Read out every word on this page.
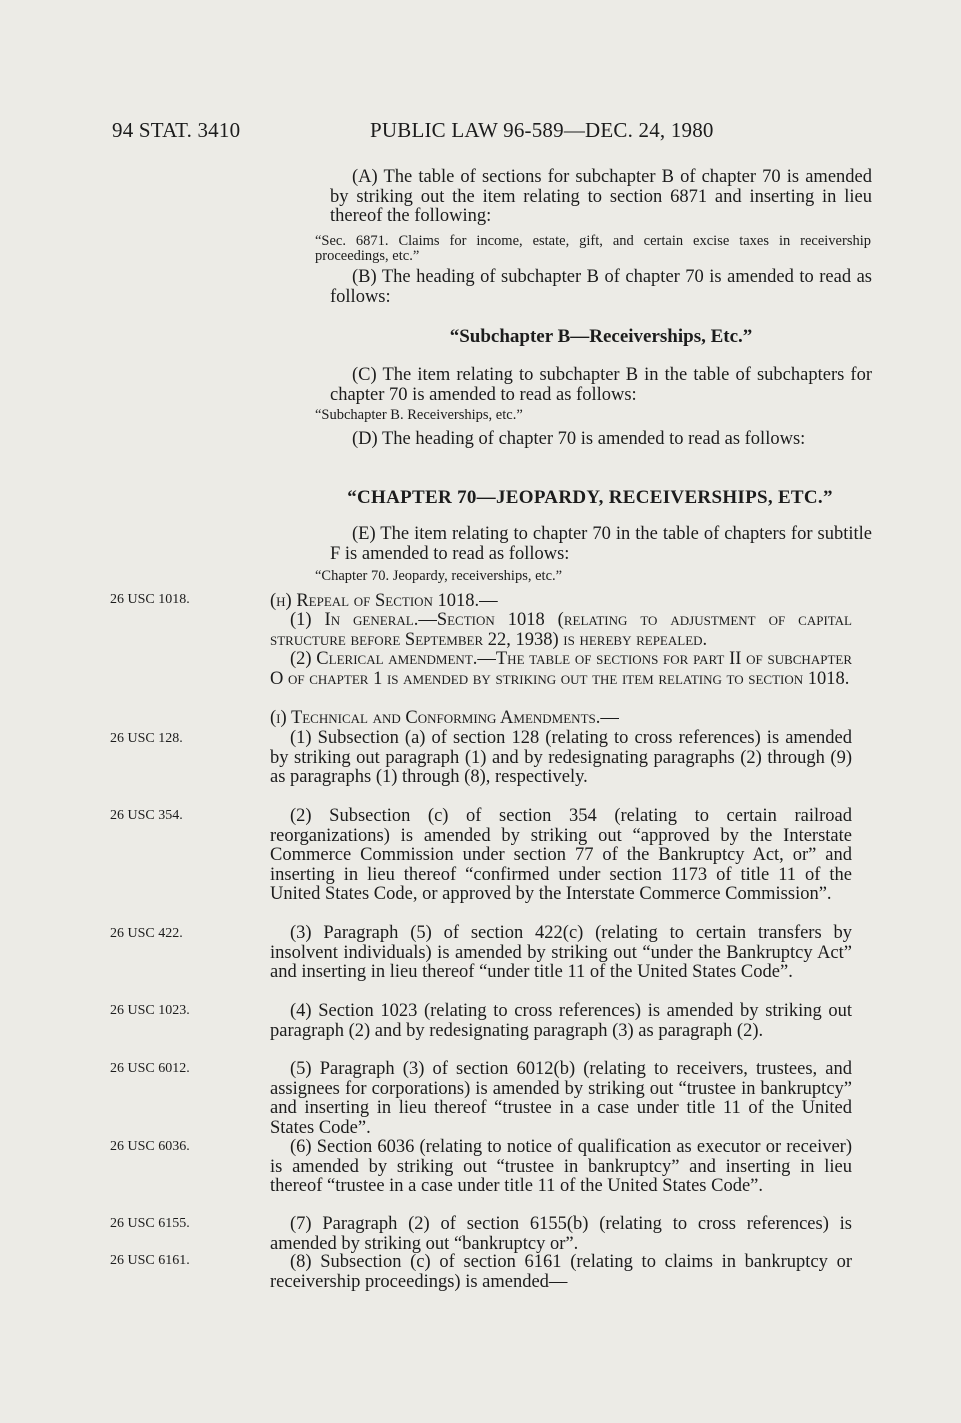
94 STAT. 3410	PUBLIC LAW 96-589—DEC. 24, 1980
(A) The table of sections for subchapter B of chapter 70 is amended by striking out the item relating to section 6871 and inserting in lieu thereof the following:
“Sec. 6871. Claims for income, estate, gift, and certain excise taxes in receivership proceedings, etc.”
(B) The heading of subchapter B of chapter 70 is amended to read as follows:
“Subchapter B—Receiverships, Etc.”
(C) The item relating to subchapter B in the table of subchapters for chapter 70 is amended to read as follows:
“Subchapter B. Receiverships, etc.”
(D) The heading of chapter 70 is amended to read as follows:
“CHAPTER 70—JEOPARDY, RECEIVERSHIPS, ETC.”
(E) The item relating to chapter 70 in the table of chapters for subtitle F is amended to read as follows:
“Chapter 70. Jeopardy, receiverships, etc.”
26 USC 1018.	(h) Repeal of Section 1018.—
(1) In general.—Section 1018 (relating to adjustment of capital structure before September 22, 1938) is hereby repealed.
(2) Clerical amendment.—The table of sections for part II of subchapter O of chapter 1 is amended by striking out the item relating to section 1018.
(i) Technical and Conforming Amendments.—
26 USC 128.	(1) Subsection (a) of section 128 (relating to cross references) is amended by striking out paragraph (1) and by redesignating paragraphs (2) through (9) as paragraphs (1) through (8), respectively.
26 USC 354.	(2) Subsection (c) of section 354 (relating to certain railroad reorganizations) is amended by striking out “approved by the Interstate Commerce Commission under section 77 of the Bankruptcy Act, or” and inserting in lieu thereof “confirmed under section 1173 of title 11 of the United States Code, or approved by the Interstate Commerce Commission”.
26 USC 422.	(3) Paragraph (5) of section 422(c) (relating to certain transfers by insolvent individuals) is amended by striking out “under the Bankruptcy Act” and inserting in lieu thereof “under title 11 of the United States Code”.
26 USC 1023.	(4) Section 1023 (relating to cross references) is amended by striking out paragraph (2) and by redesignating paragraph (3) as paragraph (2).
26 USC 6012.	(5) Paragraph (3) of section 6012(b) (relating to receivers, trustees, and assignees for corporations) is amended by striking out “trustee in bankruptcy” and inserting in lieu thereof “trustee in a case under title 11 of the United States Code”.
26 USC 6036.	(6) Section 6036 (relating to notice of qualification as executor or receiver) is amended by striking out “trustee in bankruptcy” and inserting in lieu thereof “trustee in a case under title 11 of the United States Code”.
26 USC 6155.	(7) Paragraph (2) of section 6155(b) (relating to cross references) is amended by striking out “bankruptcy or”.
26 USC 6161.	(8) Subsection (c) of section 6161 (relating to claims in bankruptcy or receivership proceedings) is amended—
